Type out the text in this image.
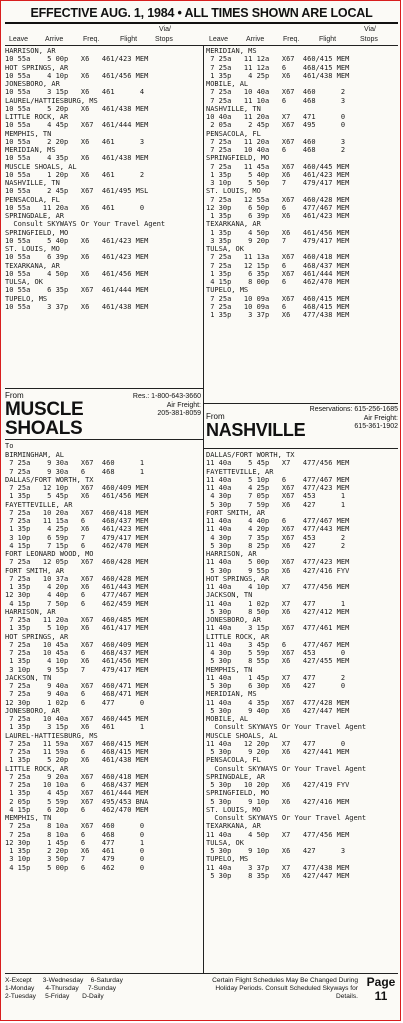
EFFECTIVE AUG. 1, 1984 • ALL TIMES SHOWN ARE LOCAL
Leave Arrive	Freq.	Flight
Via/
Stops	Leave	Arrive	Freq.	Flight
Via/
Stops
HARRISON, AR
10 55a    5 00p   X6   461/423 MEM
HOT SPRINGS, AR
10 55a    4 10p   X6   461/456 MEM
JONESBORO, AR
10 55a    3 15p   X6   461      4
LAUREL/HATTIESBURG, MS
10 55a    5 20p   X6   461/438 MEM
LITTLE ROCK, AR
10 55a    4 45p   X67  461/444 MEM
MEMPHIS, TN
10 55a    2 20p   X6   461      3
MERIDIAN, MS
10 55a    4 35p   X6   461/438 MEM
MUSCLE SHOALS, AL
10 55a    1 20p   X6   461      2
NASHVILLE, TN
10 55a    2 45p   X67  461/495 MSL
PENSACOLA, FL
10 55a   11 20a   X6   461      0
SPRINGDALE, AR
Consult SKYWAYS Or Your Travel Agent
SPRINGFIELD, MO
10 55a    5 40p   X6   461/423 MEM
ST. LOUIS, MO
10 55a    6 39p   X6   461/423 MEM
TEXARKANA, AR
10 55a    4 50p   X6   461/456 MEM
TULSA, OK
10 55a    6 35p   X67  461/444 MEM
TUPELO, MS
10 55a    3 37p   X6   461/438 MEM
MERIDIAN, MS
7 25a   11 12a   X67  460/415 MEM
7 25a   11 12a   6    468/415 MEM
1 35p    4 25p   X6   461/438 MEM
MOBILE, AL
7 25a   10 40a   X67  460      2
7 25a   11 10a   6    468      3
NASHVILLE, TN
10 40a   11 20a   X7   471      0
2 05a    2 45p   X67  495      0
PENSACOLA, FL
7 25a   11 20a   X67  460      3
7 25a   10 40a   6    468      2
SPRINGFIELD, MO
7 25a   11 45a   X67  460/445 MEM
1 35p    5 40p   X6   461/423 MEM
3 10p    5 50p   7    479/417 MEM
ST. LOUIS, MO
7 25a   12 55a   X67  460/428 MEM
12 30p    6 50p   6    477/467 MEM
1 35p    6 39p   X6   461/423 MEM
TEXARKANA, AR
1 35p    4 50p   X6   461/456 MEM
3 35p    9 20p   7    479/417 MEM
TULSA, OK
7 25a   11 13a   X67  460/418 MEM
7 25a   12 15p   6    468/437 MEM
1 35p    6 35p   X67  461/444 MEM
4 15p    8 00p   6    462/470 MEM
TUPELO, MS
7 25a   10 09a   X67  460/415 MEM
7 25a   10 09a   6    468/415 MEM
1 35p    3 37p   X6   477/438 MEM
From
MUSCLE SHOALS
Res.: 1-800-643-3660
Air Freight:
205-381-8059
To
BIRMINGHAM, AL
7 25a    9 30a   X67  460      1
7 25a    9 30a   6    468      1
DALLAS/FORT WORTH, TX
7 25a   12 10p   X67  460/409 MEM
1 35p    5 45p   X6   461/456 MEM
FAYETTEVILLE, AR
7 25a   10 20a   X67  460/418 MEM
7 25a   11 15a   6    468/437 MEM
1 35p    4 25p   X6   461/423 MEM
3 10p    6 59p   7    479/417 MEM
4 15p    7 15p   6    462/470 MEM
FORT LEONARD WOOD, MO
7 25a   12 05p   X67  460/428 MEM
FORT SMITH, AR
7 25a   10 37a   X67  460/428 MEM
1 35p    4 20p   X6   461/443 MEM
12 30p    4 40p   6    477/467 MEM
4 15p    7 50p   6    462/459 MEM
HARRISON, AR
7 25a   11 20a   X67  460/485 MEM
1 35p    5 10p   X6   461/417 MEM
HOT SPRINGS, AR
7 25a   10 45a   X67  460/409 MEM
7 25a   10 45a   6    468/437 MEM
1 35p    4 10p   X6   461/456 MEM
3 10p    9 55p   7    479/417 MEM
JACKSON, TN
7 25a    9 40a   X67  460/471 MEM
7 25a    9 40a   6    468/471 MEM
12 30p    1 02p   6    477      0
JONESBORO, AR
7 25a   10 40a   X67  460/445 MEM
1 35p    3 15p   X6   461      1
LAUREL-HATTIESBURG, MS
7 25a   11 59a   X67  460/415 MEM
7 25a   11 59a   6    468/415 MEM
1 35p    5 20p   X6   461/438 MEM
LITTLE ROCK, AR
7 25a    9 20a   X67  460/418 MEM
7 25a   10 10a   6    468/437 MEM
1 35p    4 45p   X67  461/444 MEM
2 05p    5 59p   X67  495/453 BNA
4 15p    6 20p   6    462/470 MEM
MEMPHIS, TN
7 25a    8 10a   X67  460      0
7 25a    8 10a   6    468      0
12 30p    1 45p   6    477      1
1 35p    2 20p   X6   461      0
3 10p    3 50p   7    479      0
4 15p    5 00p   6    462      0
From
NASHVILLE
Reservations: 615-256-1685
Air Freight:
615-361-1902
DALLAS/FORT WORTH, TX
11 40a    5 45p   X7   477/456 MEM
FAYETTEVILLE, AR
11 40a    5 10p   6    477/467 MEM
11 40a    4 25p   X67  477/423 MEM
4 30p    7 05p   X67  453      1
5 30p    7 59p   X6   427      1
FORT SMITH, AR
11 40a    4 40p   6    477/467 MEM
11 40a    4 20p   X67  477/443 MEM
4 30p    7 35p   X67  453      2
5 30p    8 25p   X6   427      2
HARRISON, AR
11 40a    5 00p   X67  477/423 MEM
5 30p    9 55p   X6   427/416 FYV
HOT SPRINGS, AR
11 40a    4 10p   X7   477/456 MEM
JACKSON, TN
11 40a    1 02p   X7   477      1
5 30p    8 50p   X6   427/412 MEM
JONESBORO, AR
11 40a    3 15p   X67  477/461 MEM
LITTLE ROCK, AR
11 40a    3 45p   6    477/467 MEM
4 30p    5 59p   X67  453      0
5 30p    8 55p   X6   427/455 MEM
MEMPHIS, TN
11 40a    1 45p   X7   477      2
5 30p    6 30p   X6   427      0
MERIDIAN, MS
11 40a    4 35p   X67  477/428 MEM
5 30p    9 40p   X6   427/447 MEM
MOBILE, AL
Consult SKYWAYS Or Your Travel Agent
MUSCLE SHOALS, AL
11 40a   12 20p   X7   477      0
5 30p    9 20p   X6   427/441 MEM
PENSACOLA, FL
Consult SKYWAYS Or Your Travel Agent
SPRINGDALE, AR
5 30p   10 20p   X6   427/419 FYV
SPRINGFIELD, MO
5 30p    9 10p   X6   427/416 MEM
ST. LOUIS, MO
Consult SKYWAYS Or Your Travel Agent
TEXARKANA, AR
11 40a    4 50p   X7   477/456 MEM
TULSA, OK
5 30p    9 10p   X6   427      3
TUPELO, MS
11 40a    3 37p   X7   477/438 MEM
5 30p    8 35p   X6   427/447 MEM
X-Except      3-Wednesday    6-Saturday
1-Monday      4-Thursday     7-Sunday
2-Tuesday     5-Friday       D-Daily
Certain Flight Schedules May Be Changed During Holiday Periods. Consult Scheduled Skyways for Details.
Page
11
